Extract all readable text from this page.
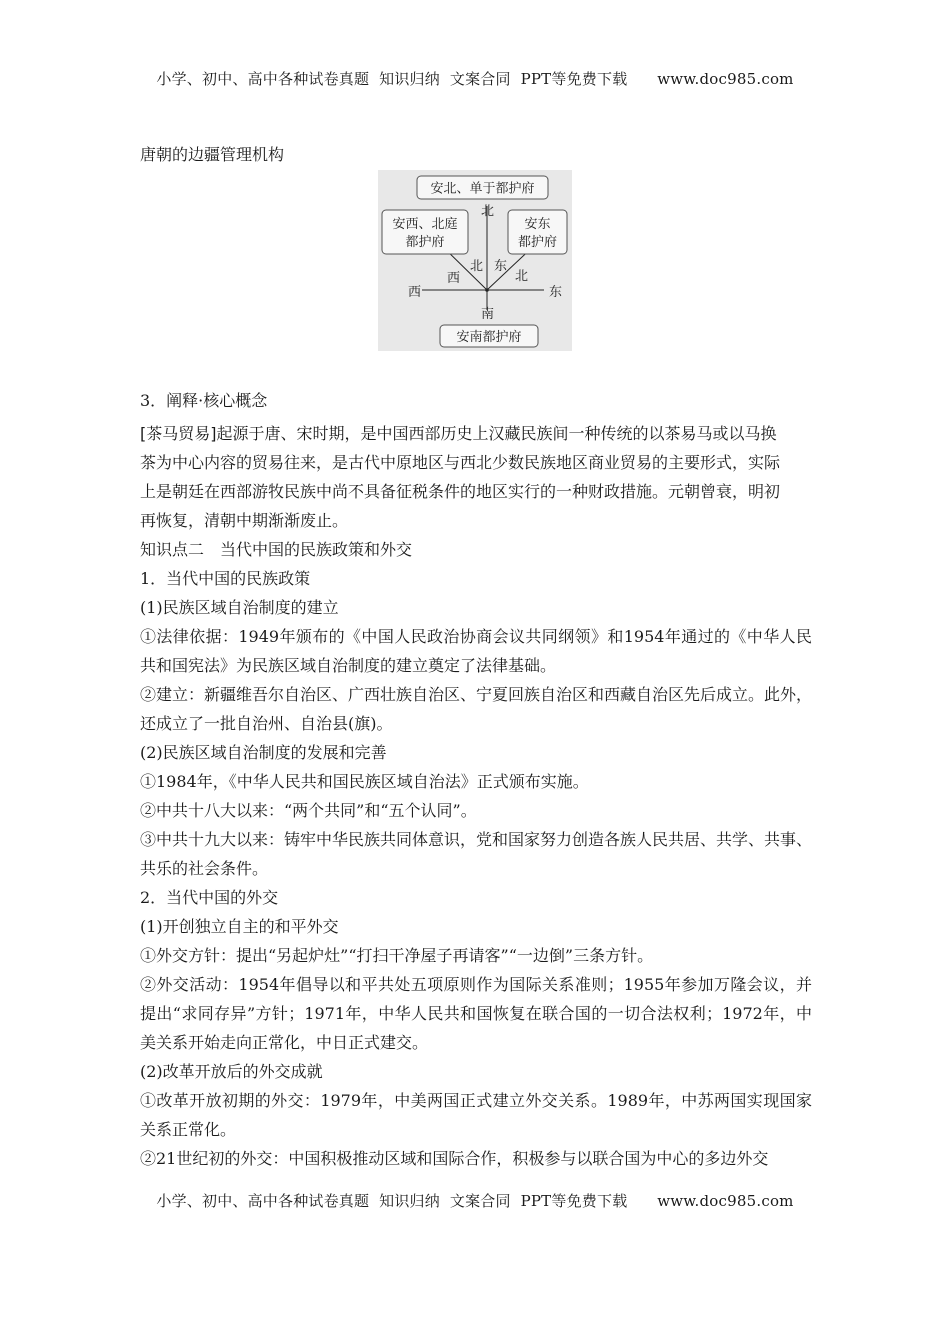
小学、初中、高中各种试卷真题  知识归纳  文案合同  PPT等免费下载      www.doc985.com

唐朝的边疆管理机构

安北、单于都护府
安西、北庭
都护府
安东
都护府
安南都护府
北
西	东
南
北
西
东
北

3．阐释·核心概念

[茶马贸易]起源于唐、宋时期，是中国西部历史上汉藏民族间一种传统的以茶易马或以马换

茶为中心内容的贸易往来，是古代中原地区与西北少数民族地区商业贸易的主要形式，实际

上是朝廷在西部游牧民族中尚不具备征税条件的地区实行的一种财政措施。元朝曾衰，明初

再恢复，清朝中期渐渐废止。

知识点二　当代中国的民族政策和外交

1．当代中国的民族政策

(1)民族区域自治制度的建立

①法律依据：1949年颁布的《中国人民政治协商会议共同纲领》和1954年通过的《中华人民共和国宪法》为民族区域自治制度的建立奠定了法律基础。

②建立：新疆维吾尔自治区、广西壮族自治区、宁夏回族自治区和西藏自治区先后成立。此外，还成立了一批自治州、自治县(旗)。

(2)民族区域自治制度的发展和完善

①1984年，《中华人民共和国民族区域自治法》正式颁布实施。

②中共十八大以来：“两个共同”和“五个认同”。

③中共十九大以来：铸牢中华民族共同体意识，党和国家努力创造各族人民共居、共学、共事、共乐的社会条件。

2．当代中国的外交

(1)开创独立自主的和平外交

①外交方针：提出“另起炉灶”“打扫干净屋子再请客”“一边倒”三条方针。

②外交活动：1954年倡导以和平共处五项原则作为国际关系准则；1955年参加万隆会议，并提出“求同存异”方针；1971年，中华人民共和国恢复在联合国的一切合法权利；1972年，中美关系开始走向正常化，中日正式建交。

(2)改革开放后的外交成就

①改革开放初期的外交：1979年，中美两国正式建立外交关系。1989年，中苏两国实现国家关系正常化。

②21世纪初的外交：中国积极推动区域和国际合作，积极参与以联合国为中心的多边外交

小学、初中、高中各种试卷真题  知识归纳  文案合同  PPT等免费下载      www.doc985.com
